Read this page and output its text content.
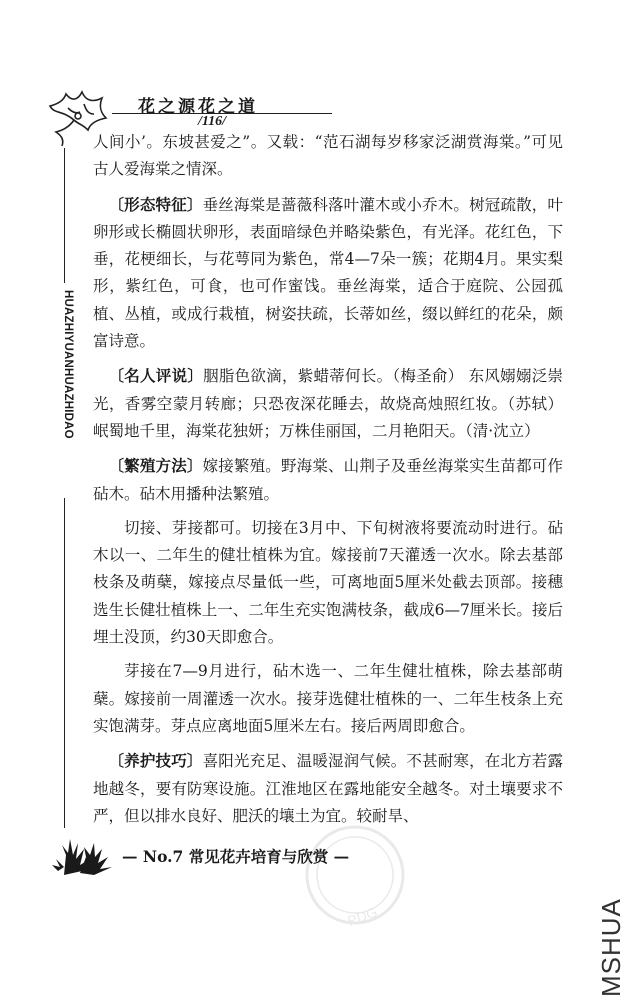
花之源花之道
/116/
HUAZHIYUANHUAZHIDAO

人间小’。东坡甚爱之”。又载：“范石湖每岁移家泛湖赏海棠。”可见古人爱海棠之情深。

〔形态特征〕垂丝海棠是蔷薇科落叶灌木或小乔木。树冠疏散，叶卵形或长椭圆状卵形，表面暗绿色并略染紫色，有光泽。花红色，下垂，花梗细长，与花萼同为紫色，常4—7朵一簇；花期4月。果实梨形，紫红色，可食，也可作蜜饯。垂丝海棠，适合于庭院、公园孤植、丛植，或成行栽植，树姿扶疏，长蒂如丝，缀以鲜红的花朵，颇富诗意。

〔名人评说〕胭脂色欲滴，紫蜡蒂何长。（梅圣俞） 东风嫋嫋泛崇光，香雾空蒙月转廊；只恐夜深花睡去，故烧高烛照红妆。（苏轼）岷蜀地千里，海棠花独妍；万株佳丽国，二月艳阳天。（清·沈立）

〔繁殖方法〕嫁接繁殖。野海棠、山荆子及垂丝海棠实生苗都可作砧木。砧木用播种法繁殖。

切接、芽接都可。切接在3月中、下旬树液将要流动时进行。砧木以一、二年生的健壮植株为宜。嫁接前7天灌透一次水。除去基部枝条及萌蘖，嫁接点尽量低一些，可离地面5厘米处截去顶部。接穗选生长健壮植株上一、二年生充实饱满枝条，截成6—7厘米长。接后埋土没顶，约30天即愈合。

芽接在7—9月进行，砧木选一、二年生健壮植株，除去基部萌蘖。嫁接前一周灌透一次水。接芽选健壮植株的一、二年生枝条上充实饱满芽。芽点应离地面5厘米左右。接后两周即愈合。

〔养护技巧〕喜阳光充足、温暖湿润气候。不甚耐寒，在北方若露地越冬，要有防寒设施。江淮地区在露地能安全越冬。对土壤要求不严，但以排水良好、肥沃的壤土为宜。较耐旱、

— No.7 常见花卉培育与欣赏 —
PDG	MSHUA
